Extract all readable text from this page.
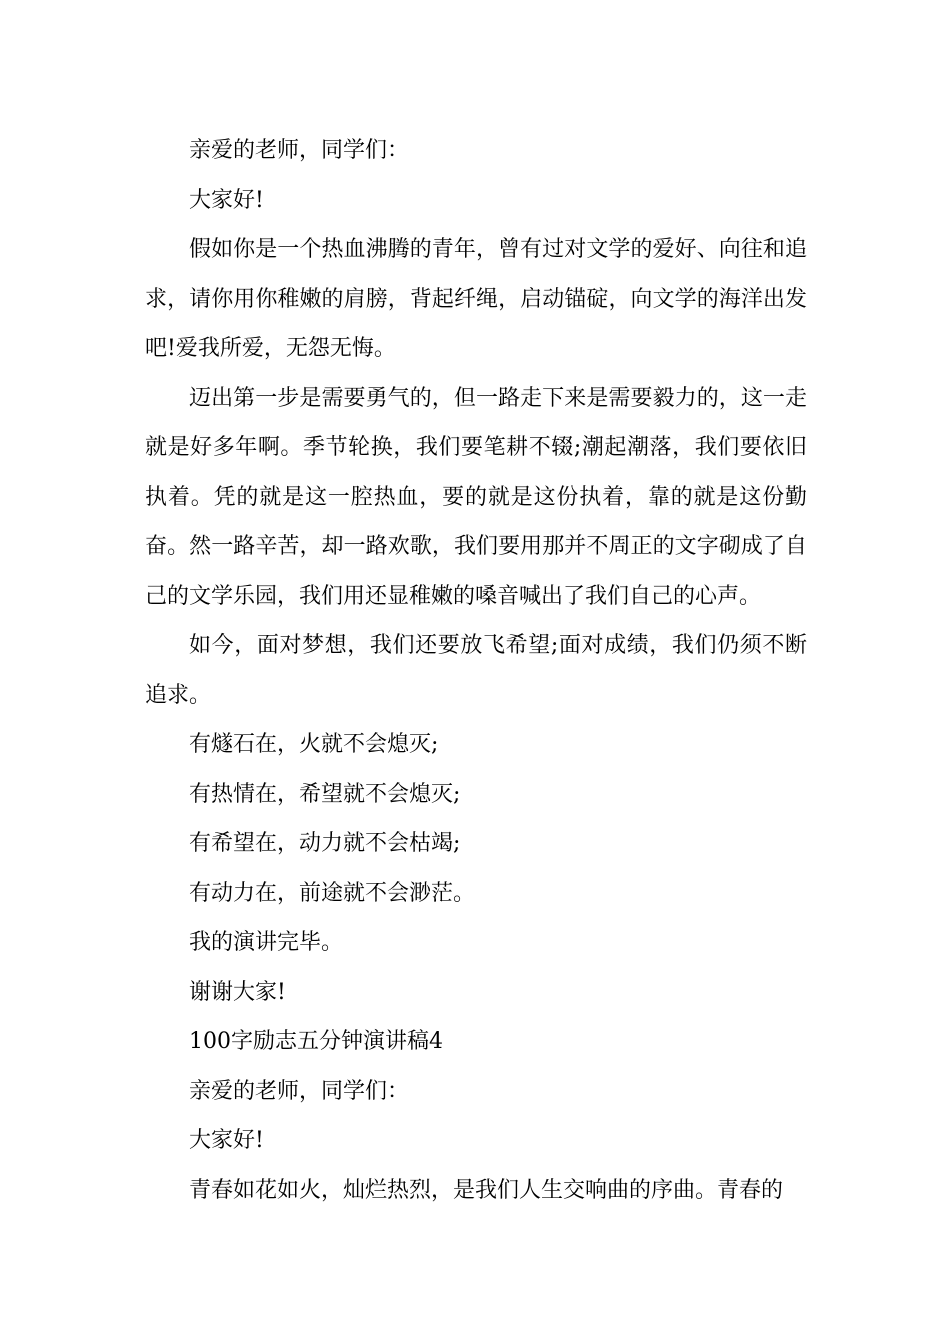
亲爱的老师，同学们：

大家好!

假如你是一个热血沸腾的青年，曾有过对文学的爱好、向往和追求，请你用你稚嫩的肩膀，背起纤绳，启动锚碇，向文学的海洋出发吧!爱我所爱，无怨无悔。

迈出第一步是需要勇气的，但一路走下来是需要毅力的，这一走就是好多年啊。季节轮换，我们要笔耕不辍;潮起潮落，我们要依旧执着。凭的就是这一腔热血，要的就是这份执着，靠的就是这份勤奋。然一路辛苦，却一路欢歌，我们要用那并不周正的文字砌成了自己的文学乐园，我们用还显稚嫩的嗓音喊出了我们自己的心声。

如今，面对梦想，我们还要放飞希望;面对成绩，我们仍须不断追求。

有燧石在，火就不会熄灭;

有热情在，希望就不会熄灭;

有希望在，动力就不会枯竭;

有动力在，前途就不会渺茫。

我的演讲完毕。

谢谢大家!

100字励志五分钟演讲稿4

亲爱的老师，同学们：

大家好!

青春如花如火，灿烂热烈，是我们人生交响曲的序曲。青春的
